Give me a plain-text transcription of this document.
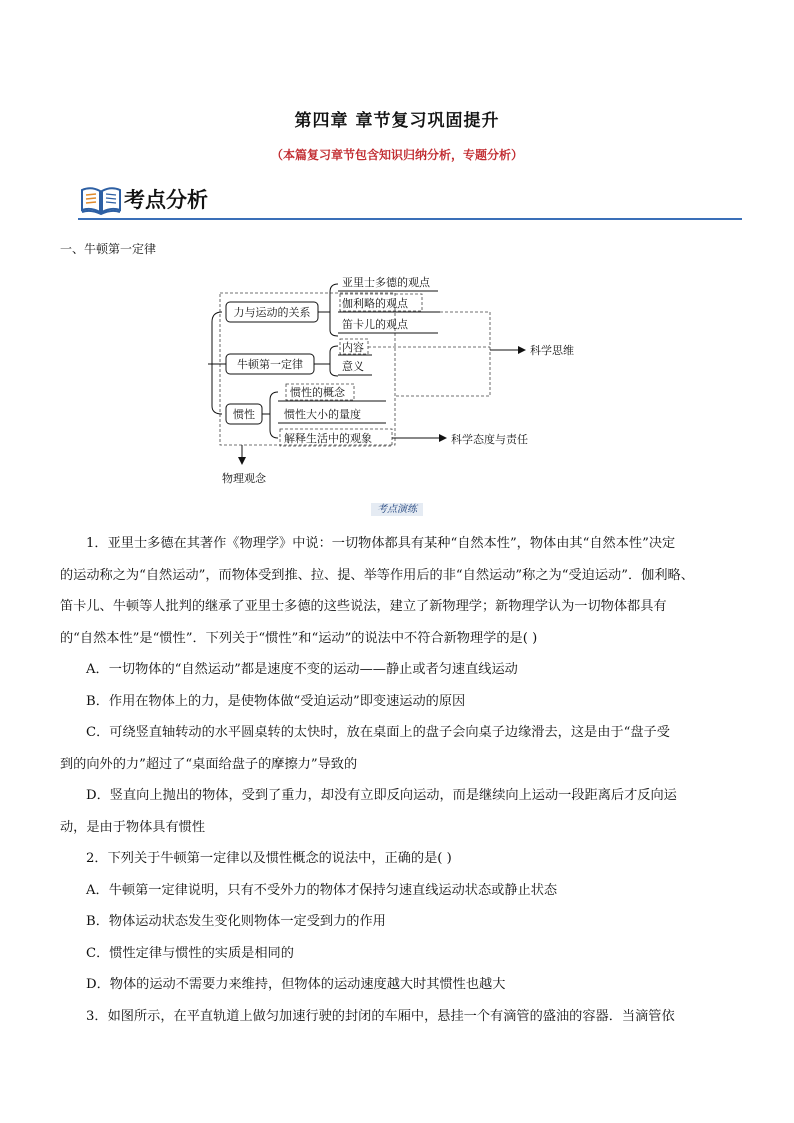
第四章 章节复习巩固提升
（本篇复习章节包含知识归纳分析，专题分析）
考点分析
一、牛顿第一定律
力与运动的关系
牛顿第一定律
惯性
亚里士多德的观点
伽利略的观点
笛卡儿的观点
内容
意义
惯性的概念
惯性大小的量度
解释生活中的观象
科学思维
科学态度与责任
物理观念
考点演练

1．亚里士多德在其著作《物理学》中说：一切物体都具有某种“自然本性”，物体由其“自然本性”决定

的运动称之为“自然运动”，而物体受到推、拉、提、举等作用后的非“自然运动”称之为“受迫运动”．伽利略、

笛卡儿、牛顿等人批判的继承了亚里士多德的这些说法，建立了新物理学；新物理学认为一切物体都具有

的“自然本性”是“惯性”．下列关于“惯性”和“运动”的说法中不符合新物理学的是( )

A．一切物体的“自然运动”都是速度不变的运动——静止或者匀速直线运动

B．作用在物体上的力，是使物体做“受迫运动”即变速运动的原因

C．可绕竖直轴转动的水平圆桌转的太快时，放在桌面上的盘子会向桌子边缘滑去，这是由于“盘子受

到的向外的力”超过了“桌面给盘子的摩擦力”导致的

D．竖直向上抛出的物体，受到了重力，却没有立即反向运动，而是继续向上运动一段距离后才反向运

动，是由于物体具有惯性

2．下列关于牛顿第一定律以及惯性概念的说法中，正确的是( )

A．牛顿第一定律说明，只有不受外力的物体才保持匀速直线运动状态或静止状态

B．物体运动状态发生变化则物体一定受到力的作用

C．惯性定律与惯性的实质是相同的

D．物体的运动不需要力来维持，但物体的运动速度越大时其惯性也越大

3．如图所示，在平直轨道上做匀加速行驶的封闭的车厢中，悬挂一个有滴管的盛油的容器．当滴管依
